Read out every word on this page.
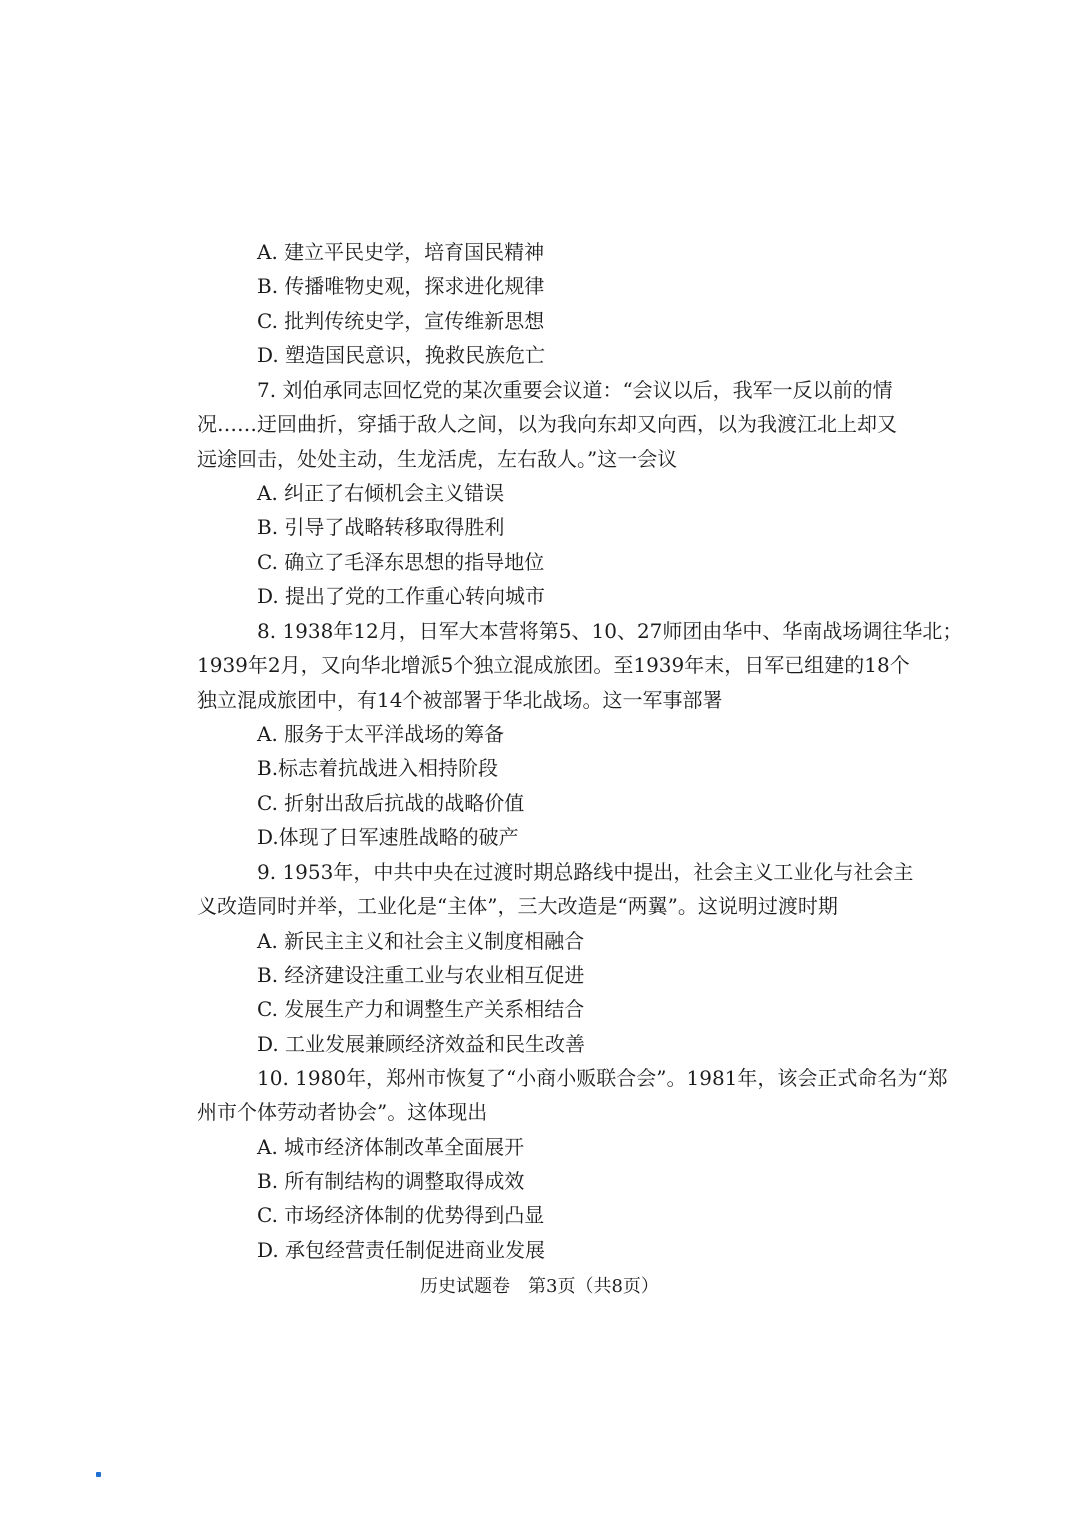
A. 建立平民史学，培育国民精神
B. 传播唯物史观，探求进化规律
C. 批判传统史学，宣传维新思想
D. 塑造国民意识，挽救民族危亡
7. 刘伯承同志回忆党的某次重要会议道：“会议以后，我军一反以前的情
况……迂回曲折，穿插于敌人之间，以为我向东却又向西，以为我渡江北上却又
远途回击，处处主动，生龙活虎，左右敌人。”这一会议
A. 纠正了右倾机会主义错误
B. 引导了战略转移取得胜利
C. 确立了毛泽东思想的指导地位
D. 提出了党的工作重心转向城市
8. 1938年12月，日军大本营将第5、10、27师团由华中、华南战场调往华北；
1939年2月，又向华北增派5个独立混成旅团。至1939年末，日军已组建的18个
独立混成旅团中，有14个被部署于华北战场。这一军事部署
A. 服务于太平洋战场的筹备
B.标志着抗战进入相持阶段
C. 折射出敌后抗战的战略价值
D.体现了日军速胜战略的破产
9. 1953年，中共中央在过渡时期总路线中提出，社会主义工业化与社会主
义改造同时并举，工业化是“主体”，三大改造是“两翼”。这说明过渡时期
A. 新民主主义和社会主义制度相融合
B. 经济建设注重工业与农业相互促进
C. 发展生产力和调整生产关系相结合
D. 工业发展兼顾经济效益和民生改善
10. 1980年，郑州市恢复了“小商小贩联合会”。1981年，该会正式命名为“郑
州市个体劳动者协会”。这体现出
A. 城市经济体制改革全面展开
B. 所有制结构的调整取得成效
C. 市场经济体制的优势得到凸显
D. 承包经营责任制促进商业发展
历史试题卷　第3页（共8页）
